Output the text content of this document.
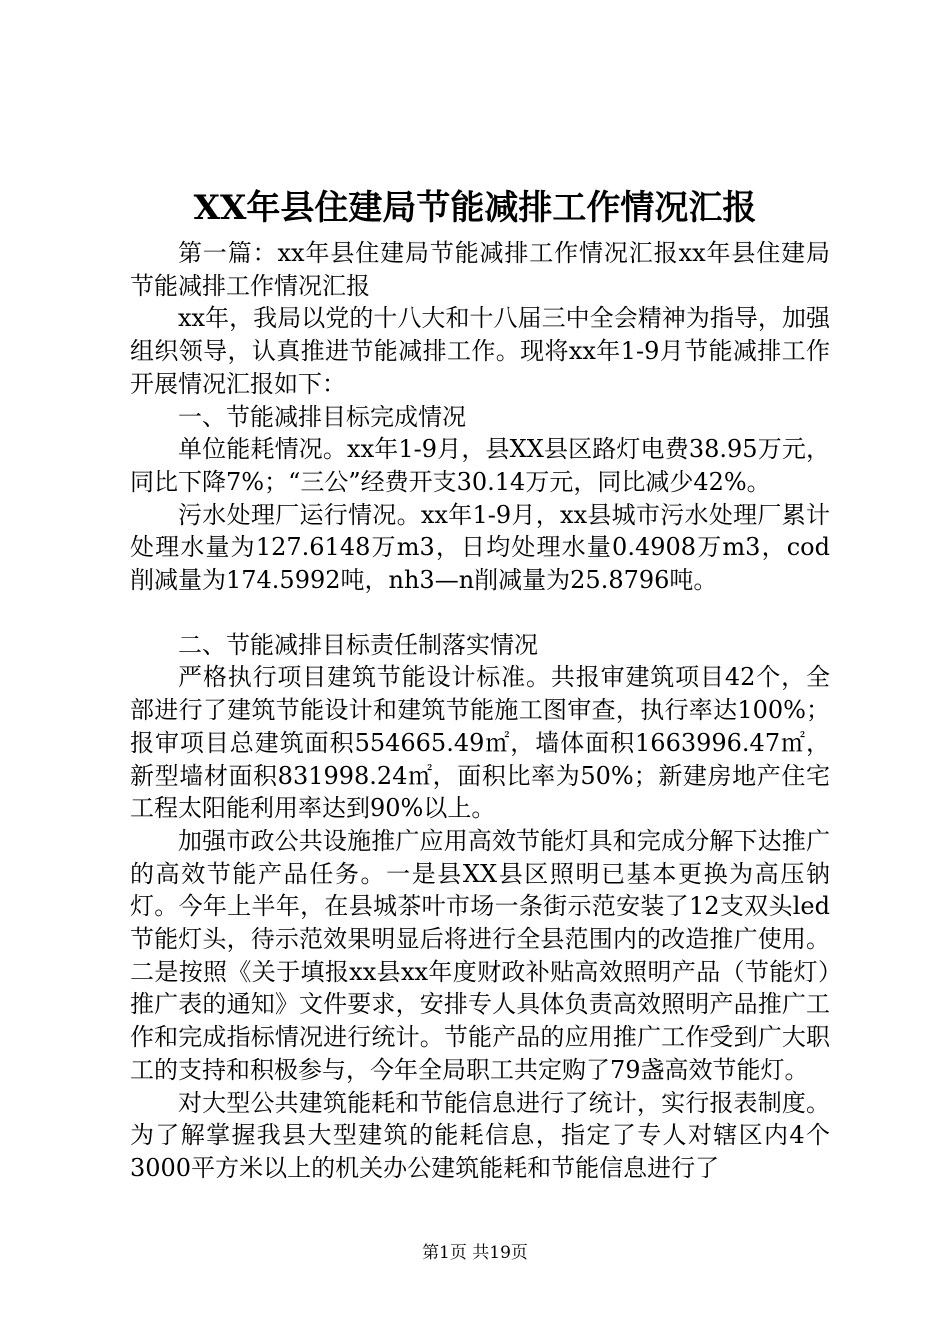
XX年县住建局节能减排工作情况汇报

第一篇：xx年县住建局节能减排工作情况汇报xx年县住建局节能减排工作情况汇报

xx年，我局以党的十八大和十八届三中全会精神为指导，加强组织领导，认真推进节能减排工作。现将xx年1-9月节能减排工作开展情况汇报如下：

一、节能减排目标完成情况

单位能耗情况。xx年1-9月，县XX县区路灯电费38.95万元，同比下降7%；“三公”经费开支30.14万元，同比减少42%。

污水处理厂运行情况。xx年1-9月，xx县城市污水处理厂累计处理水量为127.6148万m3，日均处理水量0.4908万m3，cod削减量为174.5992吨，nh3—n削减量为25.8796吨。

二、节能减排目标责任制落实情况

严格执行项目建筑节能设计标准。共报审建筑项目42个，全部进行了建筑节能设计和建筑节能施工图审查，执行率达100%；报审项目总建筑面积554665.49㎡，墙体面积1663996.47㎡，新型墙材面积831998.24㎡，面积比率为50%；新建房地产住宅工程太阳能利用率达到90%以上。

加强市政公共设施推广应用高效节能灯具和完成分解下达推广的高效节能产品任务。一是县XX县区照明已基本更换为高压钠灯。今年上半年，在县城茶叶市场一条街示范安装了12支双头led节能灯头，待示范效果明显后将进行全县范围内的改造推广使用。二是按照《关于填报xx县xx年度财政补贴高效照明产品（节能灯）推广表的通知》文件要求，安排专人具体负责高效照明产品推广工作和完成指标情况进行统计。节能产品的应用推广工作受到广大职工的支持和积极参与，今年全局职工共定购了79盏高效节能灯。

对大型公共建筑能耗和节能信息进行了统计，实行报表制度。为了解掌握我县大型建筑的能耗信息，指定了专人对辖区内4个3000平方米以上的机关办公建筑能耗和节能信息进行了

第1页 共19页
